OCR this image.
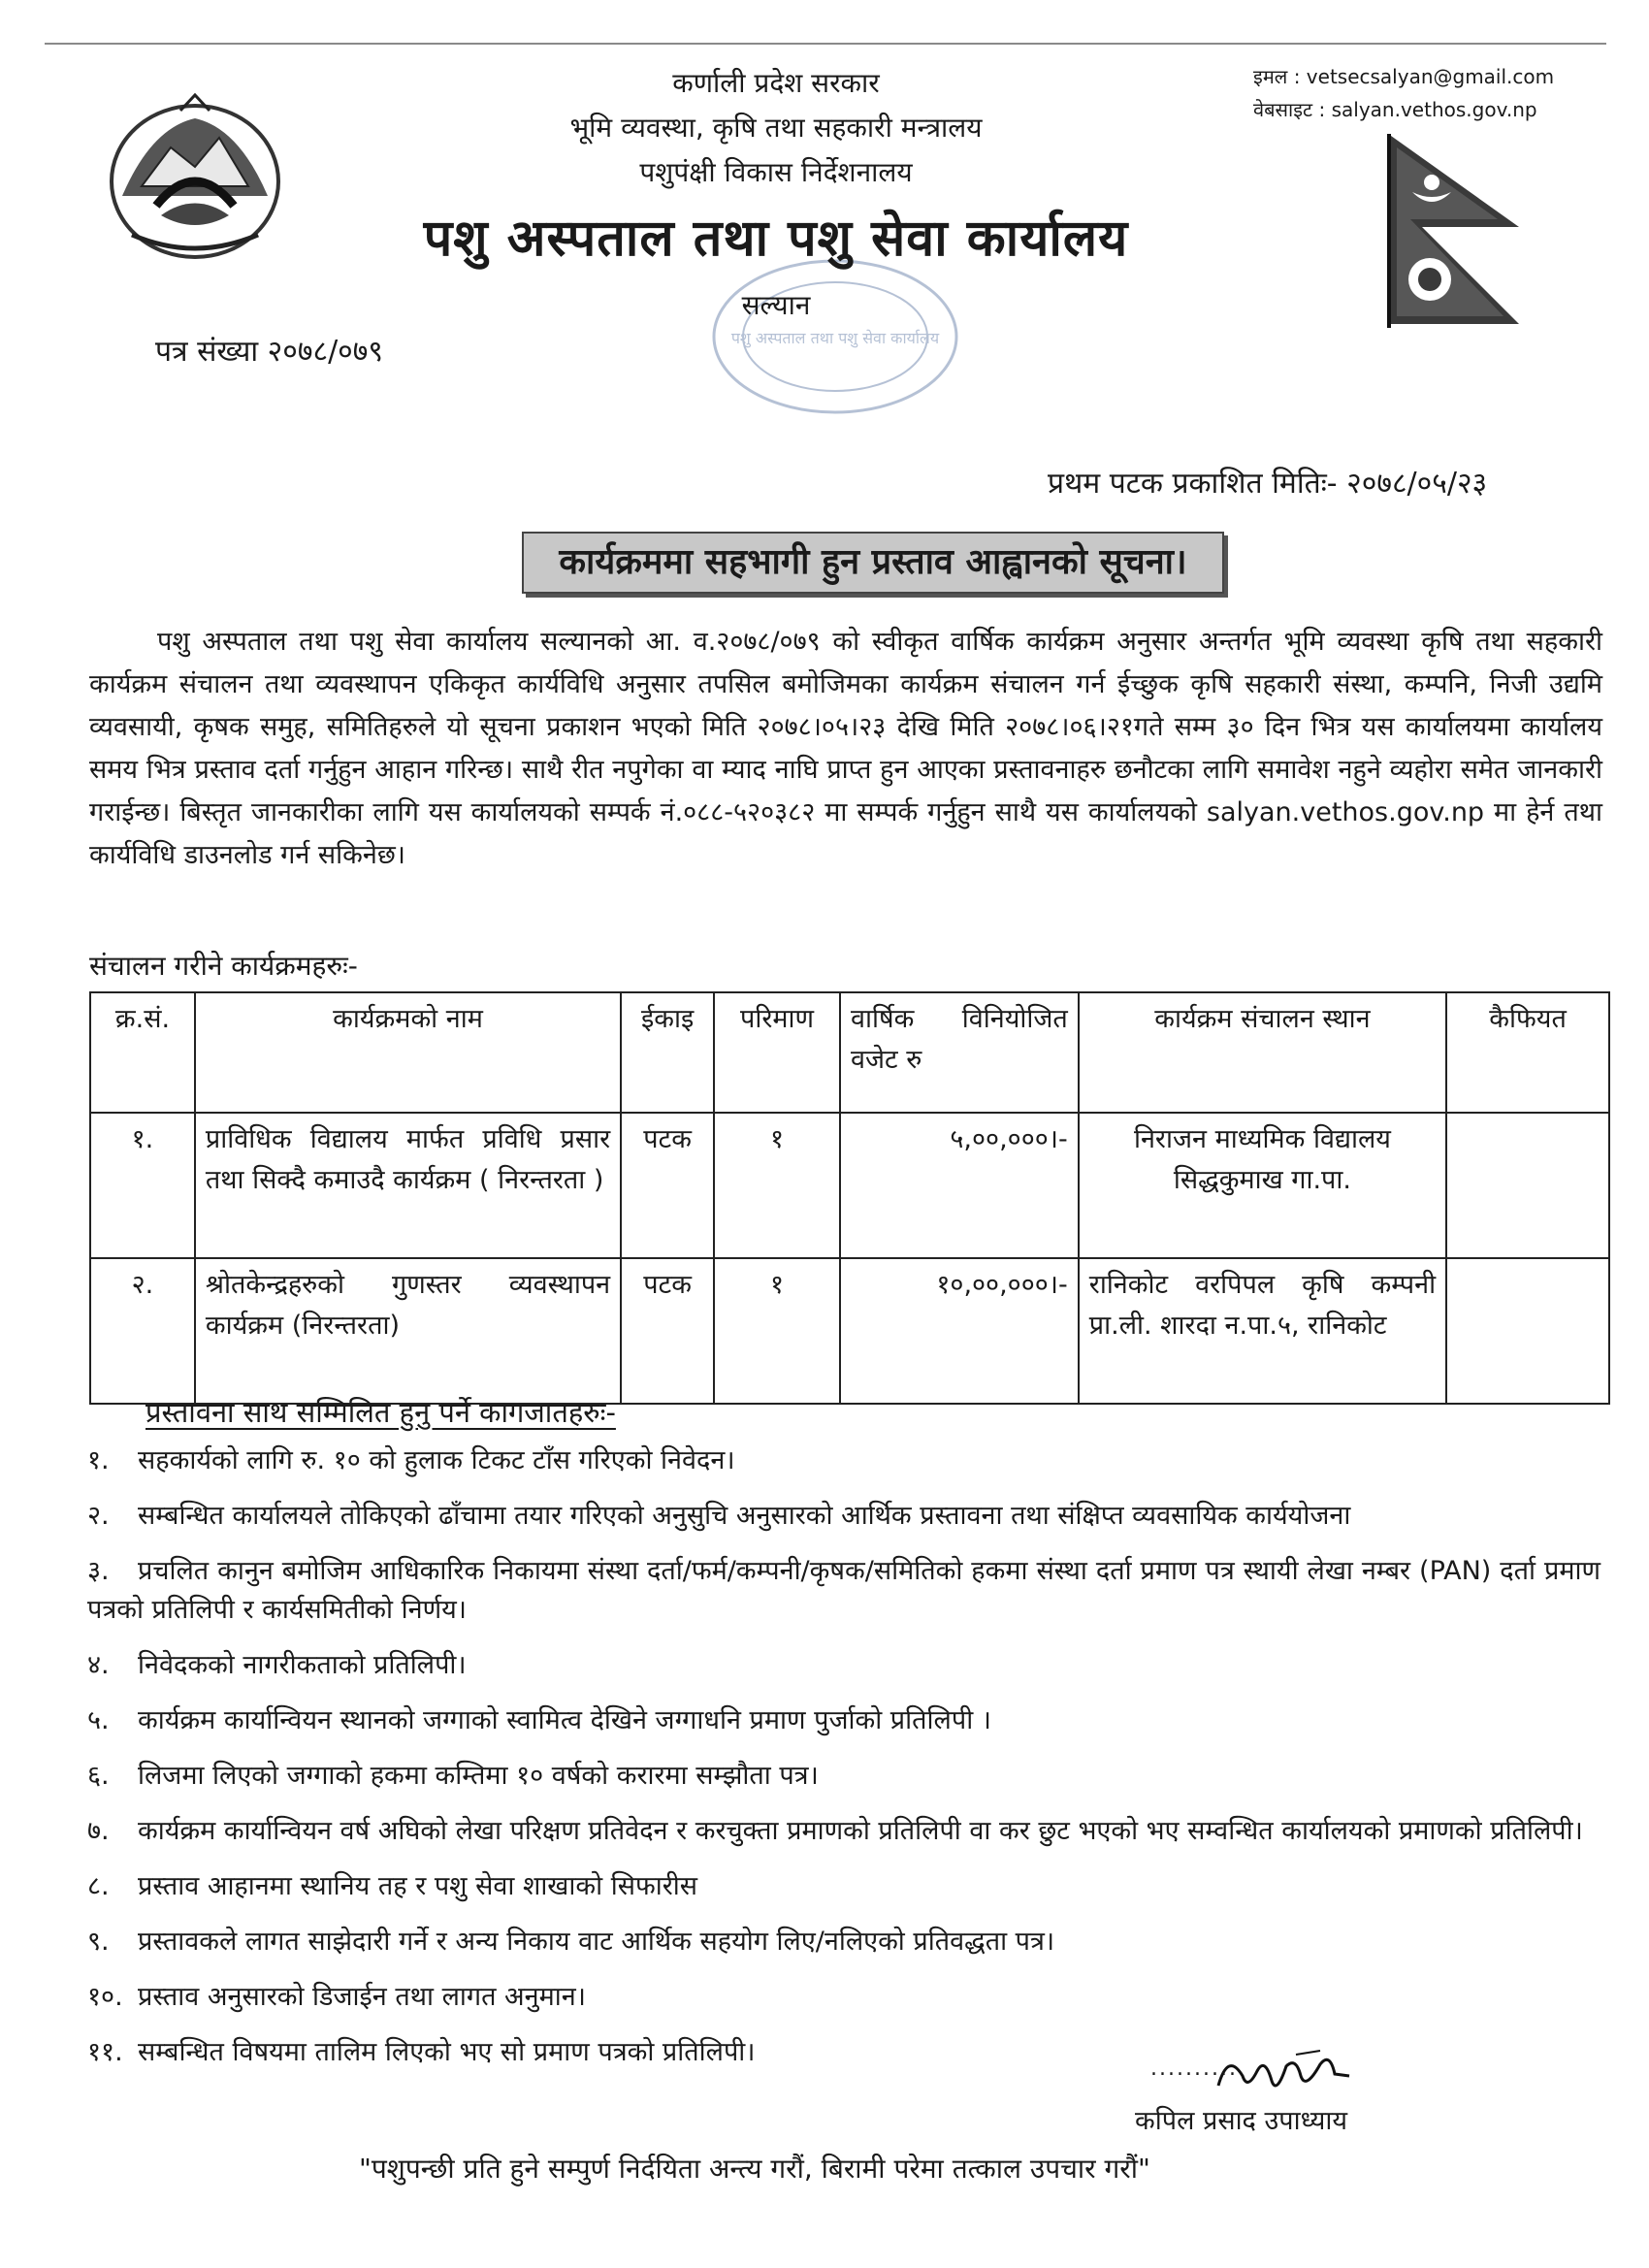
पशु अस्पताल तथा पशु सेवा कार्यालय
कर्णाली प्रदेश सरकार
भूमि व्यवस्था, कृषि तथा सहकारी मन्त्रालय
पशुपंक्षी विकास निर्देशनालय
पशु अस्पताल तथा पशु सेवा कार्यालय
सल्यान
इमल : vetsecsalyan@gmail.com
वेबसाइट : salyan.vethos.gov.np
पत्र संख्या २०७८/०७९
प्रथम पटक प्रकाशित मितिः- २०७८/०५/२३
कार्यक्रममा सहभागी हुन प्रस्ताव आह्वानको सूचना।
पशु अस्पताल तथा पशु सेवा कार्यालय सल्यानको आ. व.२०७८/०७९ को स्वीकृत वार्षिक कार्यक्रम अनुसार अन्तर्गत भूमि व्यवस्था कृषि तथा सहकारी कार्यक्रम संचालन तथा व्यवस्थापन एकिकृत कार्यविधि अनुसार तपसिल बमोजिमका कार्यक्रम संचालन गर्न ईच्छुक कृषि सहकारी संस्था, कम्पनि, निजी उद्यमि व्यवसायी, कृषक समुह, समितिहरुले यो सूचना प्रकाशन भएको मिति २०७८।०५।२३ देखि मिति २०७८।०६।२१गते सम्म ३० दिन भित्र यस कार्यालयमा कार्यालय समय भित्र प्रस्ताव दर्ता गर्नुहुन आहान गरिन्छ। साथै रीत नपुगेका वा म्याद नाघि प्राप्त हुन आएका प्रस्तावनाहरु छनौटका लागि समावेश नहुने व्यहोरा समेत जानकारी गराईन्छ। बिस्तृत जानकारीका लागि यस कार्यालयको सम्पर्क नं.०८८-५२०३८२ मा सम्पर्क गर्नुहुन साथै यस कार्यालयको salyan.vethos.gov.np मा हेर्न तथा कार्यविधि डाउनलोड गर्न सकिनेछ।
संचालन गरीने कार्यक्रमहरुः-
क्र.सं.	कार्यक्रमको नाम	ईकाइ	परिमाण	वार्षिक विनियोजित वजेट रु	कार्यक्रम संचालन स्थान	कैफियत
१.	प्राविधिक विद्यालय मार्फत प्रविधि प्रसार तथा सिक्दै कमाउदै कार्यक्रम ( निरन्तरता )	पटक	१	५,००,०००।-	निराजन माध्यमिक विद्यालय सिद्धकुमाख गा.पा.	
२.	श्रोतकेन्द्रहरुको गुणस्तर व्यवस्थापन कार्यक्रम (निरन्तरता)	पटक	१	१०,००,०००।-	रानिकोट वरपिपल कृषि कम्पनी प्रा.ली. शारदा न.पा.५, रानिकोट	
प्रस्तावना साथ सम्मिलित हुनु पर्ने कागजातहरुः-
१. सहकार्यको लागि रु. १० को हुलाक टिकट टाँस गरिएको निवेदन।
२. सम्बन्धित कार्यालयले तोकिएको ढाँचामा तयार गरिएको अनुसुचि अनुसारको आर्थिक प्रस्तावना तथा संक्षिप्त व्यवसायिक कार्ययोजना
३. प्रचलित कानुन बमोजिम आधिकारिक निकायमा संस्था दर्ता/फर्म/कम्पनी/कृषक/समितिको हकमा संस्था दर्ता प्रमाण पत्र स्थायी लेखा नम्बर (PAN) दर्ता प्रमाण पत्रको प्रतिलिपी र कार्यसमितीको निर्णय।
४. निवेदकको नागरीकताको प्रतिलिपी।
५. कार्यक्रम कार्यान्वियन स्थानको जग्गाको स्वामित्व देखिने जग्गाधनि प्रमाण पुर्जाको प्रतिलिपी ।
६. लिजमा लिएको जग्गाको हकमा कम्तिमा १० वर्षको करारमा सम्झौता पत्र।
७. कार्यक्रम कार्यान्वियन वर्ष अघिको लेखा परिक्षण प्रतिवेदन र करचुक्ता प्रमाणको प्रतिलिपी वा कर छुट भएको भए सम्वन्धित कार्यालयको प्रमाणको प्रतिलिपी।
८. प्रस्ताव आहानमा स्थानिय तह र पशु सेवा शाखाको सिफारीस
९. प्रस्तावकले लागत साझेदारी गर्ने र अन्य निकाय वाट आर्थिक सहयोग लिए/नलिएको प्रतिवद्धता पत्र।
१०. प्रस्ताव अनुसारको डिजाईन तथा लागत अनुमान।
११. सम्बन्धित विषयमा तालिम लिएको भए सो प्रमाण पत्रको प्रतिलिपी।
..........
कपिल प्रसाद उपाध्याय
"पशुपन्छी प्रति हुने सम्पुर्ण निर्दयिता अन्त्य गरौं, बिरामी परेमा तत्काल उपचार गरौं"
